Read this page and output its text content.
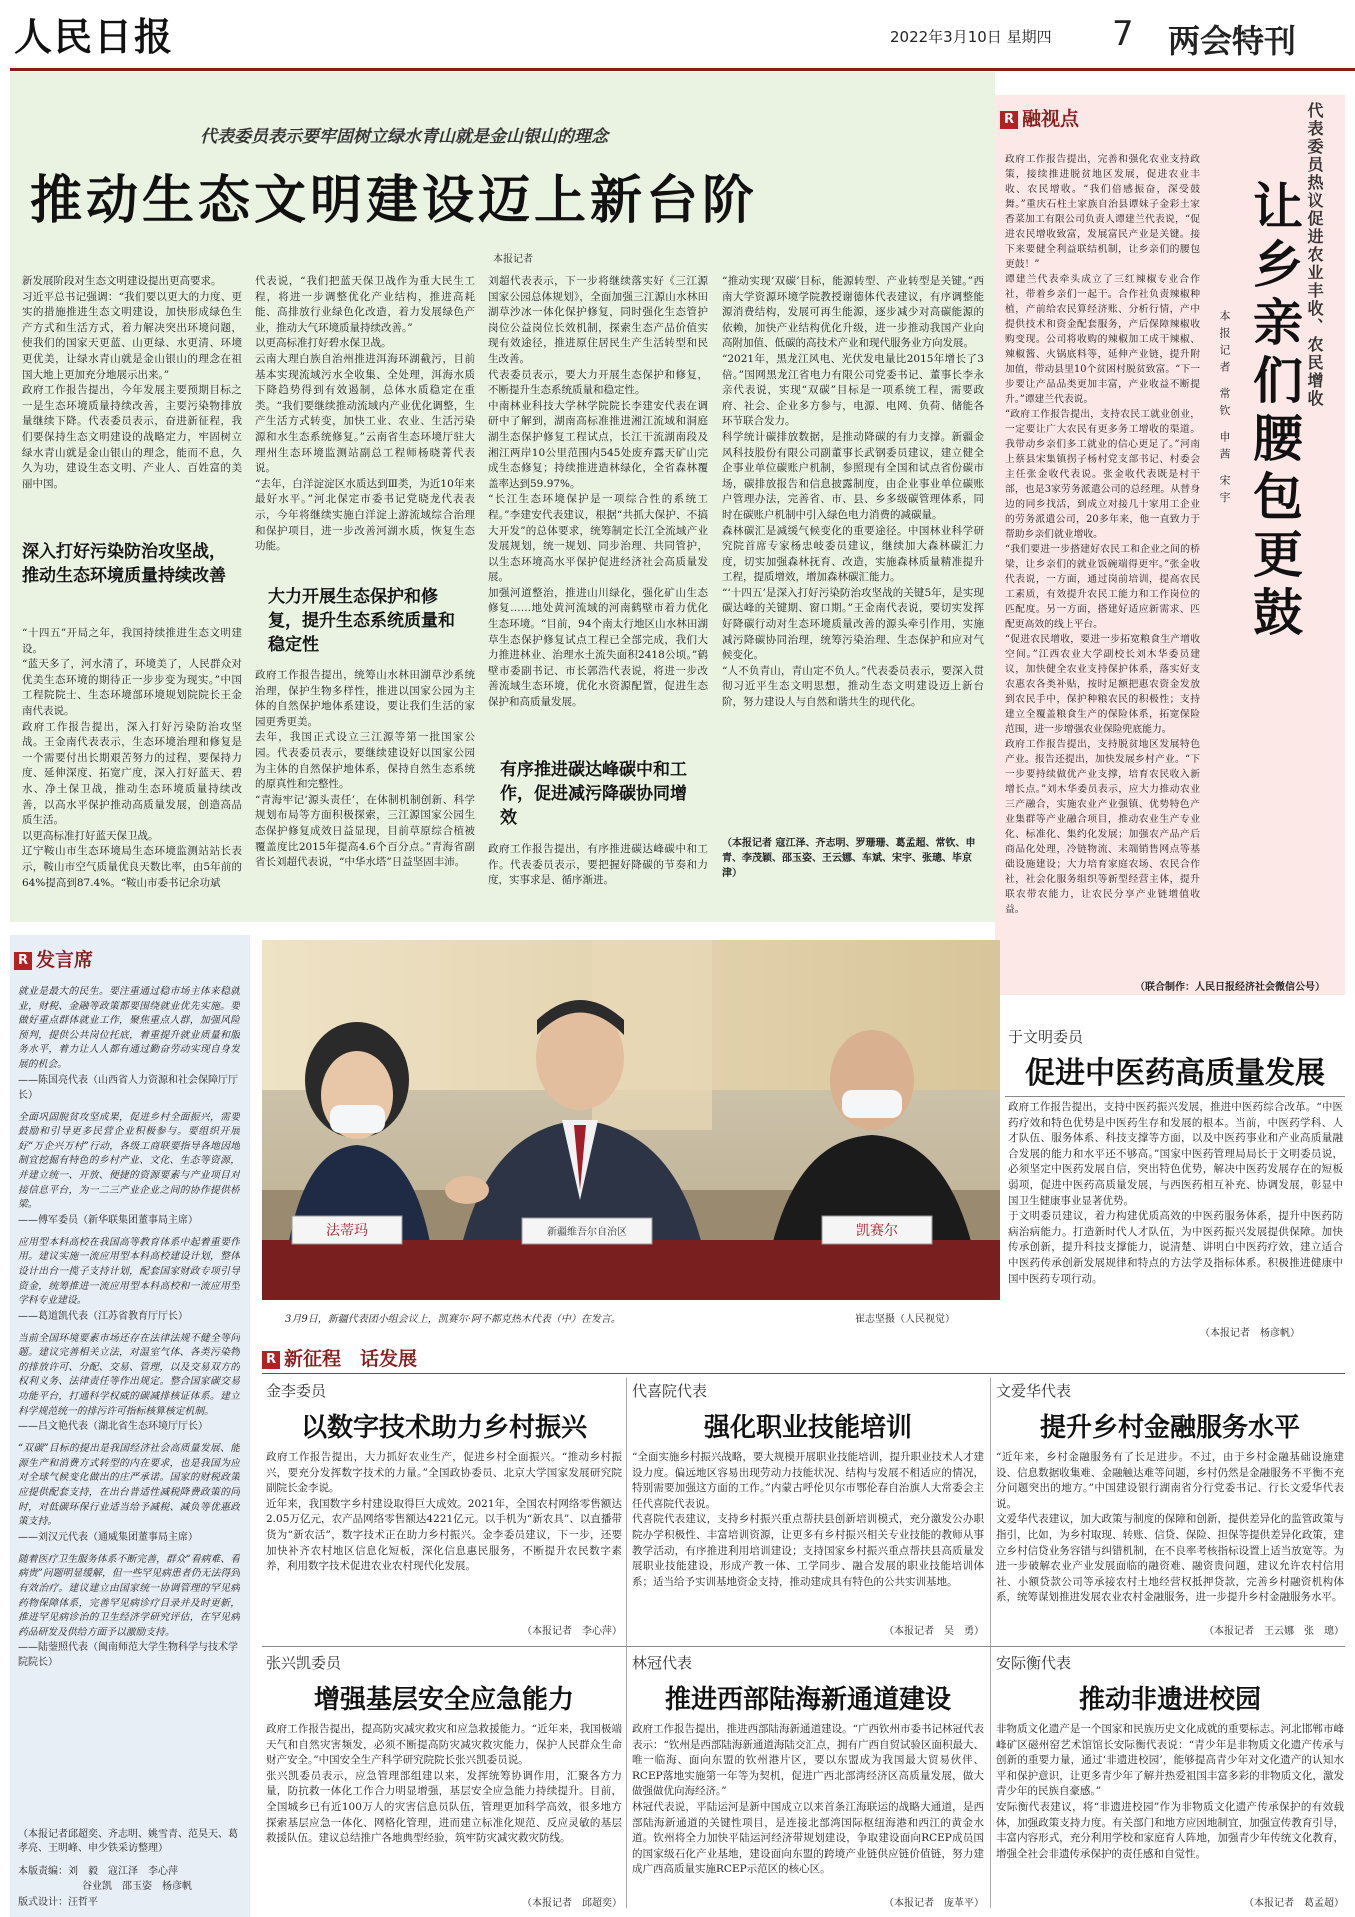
人民日报	2022年3月10日 星期四 7 两会特刊
代表委员表示要牢固树立绿水青山就是金山银山的理念
推动生态文明建设迈上新台阶
本报记者
新发展阶段对生态文明建设提出更高要求。
习近平总书记强调：“我们要以更大的力度、更实的措施推进生态文明建设，加快形成绿色生产方式和生活方式，着力解决突出环境问题，使我们的国家天更蓝、山更绿、水更清、环境更优美，让绿水青山就是金山银山的理念在祖国大地上更加充分地展示出来。”
政府工作报告提出，今年发展主要预期目标之一是生态环境质量持续改善，主要污染物排放量继续下降。代表委员表示，奋进新征程，我们要保持生态文明建设的战略定力，牢固树立绿水青山就是金山银山的理念，能而不息，久久为功，建设生态文明、产业人、百姓富的美丽中国。
深入打好污染防治攻坚战，推动生态环境质量持续改善
“十四五”开局之年，我国持续推进生态文明建设。
“蓝天多了，河水清了，环境美了，人民群众对优美生态环境的期待正一步步变为现实。”中国工程院院士、生态环境部环境规划院院长王金南代表说。
政府工作报告提出，深入打好污染防治攻坚战。王金南代表表示，生态环境治理和修复是一个需要付出长期艰苦努力的过程，要保持力度、延伸深度、拓宽广度，深入打好蓝天、碧水、净土保卫战，推动生态环境质量持续改善，以高水平保护推动高质量发展，创造高品质生活。
以更高标准打好蓝天保卫战。
辽宁鞍山市生态环境局生态环境监测站站长表示，鞍山市空气质量优良天数比率，由5年前的64%提高到87.4%。“鞍山市委书记余功斌
代表说，“我们把蓝天保卫战作为重大民生工程，将进一步调整优化产业结构，推进高耗能、高排放行业绿色化改造，着力发展绿色产业，推动大气环境质量持续改善。”
以更高标准打好碧水保卫战。
云南大理白族自治州推进洱海环湖截污，目前基本实现流域污水全收集、全处理，洱海水质下降趋势得到有效遏制，总体水质稳定在重类。“我们要继续推动流域内产业优化调整，生产生活方式转变，加快工业、农业、生活污染源和水生态系统修复。”云南省生态环境厅驻大理州生态环境监测站副总工程师杨晓菁代表说。
“去年，白洋淀淀区水质达到Ⅲ类，为近10年来最好水平。”河北保定市委书记党晓龙代表表示，今年将继续实施白洋淀上游流域综合治理和保护项目，进一步改善河湖水质，恢复生态功能。
大力开展生态保护和修复，提升生态系统质量和稳定性
政府工作报告提出，统筹山水林田湖草沙系统治理，保护生物多样性，推进以国家公园为主体的自然保护地体系建设，要让我们生活的家园更秀更美。
去年，我国正式设立三江源等第一批国家公园。代表委员表示，要继续建设好以国家公园为主体的自然保护地体系，保持自然生态系统的原真性和完整性。
“青海牢记‘源头责任’，在体制机制创新、科学规划布局等方面积极探索，三江源国家公园生态保护修复成效日益显现，目前草原综合植被覆盖度比2015年提高4.6个百分点。”青海省副省长刘超代表说，“中华水塔”日益坚固丰沛。
刘超代表表示，下一步将继续落实好《三江源国家公园总体规划》，全面加强三江源山水林田湖草沙冰一体化保护修复，同时强化生态管护岗位公益岗位长效机制，探索生态产品价值实现有效途径，推进原住居民生产生活转型和民生改善。
代表委员表示，要大力开展生态保护和修复，不断提升生态系统质量和稳定性。
中南林业科技大学林学院院长李建安代表在调研中了解到，湖南高标准推进湘江流域和洞庭湖生态保护修复工程试点，长江干流湖南段及湘江两岸10公里范围内545处废弃露天矿山完成生态修复；持续推进造林绿化，全省森林覆盖率达到59.97%。
“长江生态环境保护是一项综合性的系统工程。”李建安代表建议，根据“共抓大保护、不搞大开发”的总体要求，统筹制定长江全流域产业发展规划，统一规划、同步治理、共同管护，以生态环境高水平保护促进经济社会高质量发展。
加强河道整治，推进山川绿化，强化矿山生态修复……地处黄河流域的河南鹤壁市着力优化生态环境。“目前，94个南太行地区山水林田湖草生态保护修复试点工程已全部完成，我们大力推进林业、治理水土流失面积2418公顷。”鹤壁市委副书记、市长郭浩代表说，将进一步改善流域生态环境，优化水资源配置，促进生态保护和高质量发展。
有序推进碳达峰碳中和工作，促进减污降碳协同增效
政府工作报告提出，有序推进碳达峰碳中和工作。代表委员表示，要把握好降碳的节奏和力度，实事求是、循序渐进。
“推动实现‘双碳’目标，能源转型、产业转型是关键。”西南大学资源环境学院教授谢德体代表建议，有序调整能源消费结构，发展可再生能源，逐步减少对高碳能源的依赖，加快产业结构优化升级，进一步推动我国产业向高附加值、低碳的高技术产业和现代服务业方向发展。
“2021年，黑龙江风电、光伏发电量比2015年增长了3倍。”国网黑龙江省电力有限公司党委书记、董事长李永亲代表说，实现“双碳”目标是一项系统工程，需要政府、社会、企业多方参与，电源、电网、负荷、储能各环节联合发力。
科学统计碳排放数据，是推动降碳的有力支撑。新疆金风科技股份有限公司副董事长武钢委员建议，建立健全企事业单位碳账户机制，参照现有全国和试点省份碳市场，碳排放报告和信息披露制度，由企业事业单位碳账户管理办法，完善省、市、县、乡多级碳管理体系，同时在碳账户机制中引入绿色电力消费的减碳量。
森林碳汇是减缓气候变化的重要途径。中国林业科学研究院首席专家杨忠岐委员建议，继续加大森林碳汇力度，切实加强森林抚育、改造，实施森林质量精准提升工程，提质增效，增加森林碳汇能力。
“‘十四五’是深入打好污染防治攻坚战的关键5年，是实现碳达峰的关键期、窗口期。”王金南代表说，要切实发挥好降碳行动对生态环境质量改善的源头牵引作用，实施减污降碳协同治理，统筹污染治理、生态保护和应对气候变化。
“人不负青山，青山定不负人。”代表委员表示，要深入贯彻习近平生态文明思想，推动生态文明建设迈上新台阶，努力建设人与自然和谐共生的现代化。
（本报记者 寇江泽、齐志明、罗珊珊、葛孟超、常钦、申青、李茂颖、邵玉姿、王云娜、车斌、宋宇、张璁、毕京津）
R 融视点	代表委员热议促进农业丰收、农民增收
让乡亲们腰包更鼓
本报记者 常钦 申茜 宋宇
政府工作报告提出，完善和强化农业支持政策，接续推进脱贫地区发展，促进农业丰收、农民增收。“我们倍感振奋，深受鼓舞。”重庆石柱土家族自治县谭妹子金彩土家香菜加工有限公司负责人谭建兰代表说，“促进农民增收致富，发展富民产业是关键。接下来要健全利益联结机制，让乡亲们的腰包更鼓！”
谭建兰代表牵头成立了三红辣椒专业合作社，带着乡亲们一起干。合作社负责辣椒种植，产前给农民算经济账、分析行情，产中提供技术和资金配套服务，产后保障辣椒收购变现。公司将收购的辣椒加工成干辣椒、辣椒酱、火锅底料等，延伸产业链，提升附加值，带动县里10个贫困村脱贫致富。“下一步要让产品品类更加丰富，产业收益不断提升。”谭建兰代表说。
“政府工作报告提出，支持农民工就业创业，一定要让广大农民有更多务工增收的渠道。我带动乡亲们多工就业的信心更足了。”河南上蔡县宋集镇拐子杨村党支部书记、村委会主任张金收代表说。张金收代表既是村干部，也是3家劳务派遣公司的总经理。从替身边的同乡找活，到成立对接几十家用工企业的劳务派遣公司，20多年来，他一直致力于帮助乡亲们就业增收。
“我们要进一步搭建好农民工和企业之间的桥梁，让乡亲们的就业饭碗端得更牢。”张金收代表说，一方面，通过岗前培训，提高农民工素质，有效提升农民工能力和工作岗位的匹配度。另一方面，搭建好适应新需求、匹配更高效的线上平台。
“促进农民增收，要进一步拓宽粮食生产增收空间。”江西农业大学副校长刘木华委员建议，加快健全农业支持保护体系，落实好支农惠农各类补贴，按时足额把惠农资金发放到农民手中，保护种粮农民的积极性；支持建立全覆盖粮食生产的保险体系，拓宽保险范围，进一步增强农业保险兜底能力。
政府工作报告提出，支持脱贫地区发展特色产业。报告还提出，加快发展乡村产业。“下一步要持续做优产业支撑，培育农民收入新增长点。”刘木华委员表示，应大力推动农业三产融合，实施农业产业强镇、优势特色产业集群等产业融合项目，推动农业生产专业化、标准化、集约化发展；加强农产品产后商品化处理，冷链物流、末端销售网点等基础设施建设；大力培育家庭农场、农民合作社，社会化服务组织等新型经营主体，提升联农带农能力，让农民分享产业链增值收益。
（联合制作：人民日报经济社会微信公号）
R 发言席
就业是最大的民生。要注重通过稳市场主体来稳就业，财税、金融等政策都要围绕就业优先实施。要做好重点群体就业工作，聚焦重点人群，加强风险预判，提供公共岗位托底，着重提升就业质量和服务水平，着力让人人都有通过勤奋劳动实现自身发展的机会。
——陈国亮代表（山西省人力资源和社会保障厅厅长）
全面巩固脱贫攻坚成果，促进乡村全面振兴，需要鼓励和引导更多民营企业积极参与。要组织开展好“万企兴万村”行动，各级工商联要指导各地因地制宜挖掘有特色的乡村产业、文化、生态等资源，并建立统一、开放、便捷的资源要素与产业项目对接信息平台，为一二三产业企业之间的协作提供桥梁。
——傅军委员（新华联集团董事局主席）
应用型本科高校在我国高等教育体系中起着重要作用。建议实施一流应用型本科高校建设计划，整体设计出台一揽子支持计划，配套国家财政专项引导资金，统筹推进一流应用型本科高校和一流应用型学科专业建设。
——葛道凯代表（江苏省教育厅厅长）
当前全国环境要素市场还存在法律法规不健全等问题。建议完善相关立法，对温室气体、各类污染物的排放许可、分配、交易、管理，以及交易双方的权利义务、法律责任等作出规定。整合国家碳交易功能平台，打通科学权威的碳减排核证体系。建立科学规范统一的排污许可指标核算核定机制。
——吕文艳代表（湖北省生态环境厅厅长）
“双碳”目标的提出是我国经济社会高质量发展、能源生产和消费方式转型的内在要求，也是我国为应对全球气候变化做出的庄严承诺。国家的财税政策应提供配套支持，在出台普适性减税降费政策的同时，对低碳环保行业适当给予减税、减负等优惠政策支持。
——刘汉元代表（通威集团董事局主席）
随着医疗卫生服务体系不断完善，群众“看病难、看病贵”问题明显缓解，但一些罕见病患者仍无法得到有效治疗。建议建立由国家统一协调管理的罕见病药物保障体系，完善罕见病诊疗目录并及时更新，推进罕见病诊治的卫生经济学研究评估，在罕见病药品研发及供给方面予以激励支持。
——陆蓥照代表（闽南师范大学生物科学与技术学院院长）
（本报记者邱超奕、齐志明、姚雪青、范昊天、葛孝亮、王明峰、申少铁采访整理）
本版责编：刘　毅　寇江泽　李心萍
谷业凯　邵玉姿　杨彦帆
版式设计：汪哲平
法蒂玛	新疆维吾尔自治区	凯赛尔
3月9日，新疆代表团小组会议上，凯赛尔·阿不都克热木代表（中）在发言。	崔志坚摄（人民视觉）
于文明委员
促进中医药高质量发展
政府工作报告提出，支持中医药振兴发展，推进中医药综合改革。“中医药疗效和特色优势是中医药生存和发展的根本。当前，中医药学科、人才队伍、服务体系、科技支撑等方面，以及中医药事业和产业高质量融合发展的能力和水平还不够高。”国家中医药管理局局长于文明委员说，必须坚定中医药发展自信，突出特色优势，解决中医药发展存在的短板弱项，促进中医药高质量发展，与西医药相互补充、协调发展，彰显中国卫生健康事业显著优势。
于文明委员建议，着力构建优质高效的中医药服务体系，提升中医药防病治病能力。打造新时代人才队伍，为中医药振兴发展提供保障。加快传承创新，提升科技支撑能力，说清楚、讲明白中医药疗效，建立适合中医药传承创新发展规律和特点的方法学及指标体系。积极推进健康中国中医药专项行动。
（本报记者　杨彦帆）
R 新征程　话发展
金李委员
以数字技术助力乡村振兴
政府工作报告提出，大力抓好农业生产，促进乡村全面振兴。“推动乡村振兴，要充分发挥数字技术的力量。”全国政协委员、北京大学国家发展研究院副院长金李说。
近年来，我国数字乡村建设取得巨大成效。2021年，全国农村网络零售额达2.05万亿元，农产品网络零售额达4221亿元。以手机为“新农具”、以直播带货为“新农活”，数字技术正在助力乡村振兴。金李委员建议，下一步，还要加快补齐农村地区信息化短板，深化信息惠民服务，不断提升农民数字素养，利用数字技术促进农业农村现代化发展。
（本报记者　李心萍）
代喜院代表
强化职业技能培训
“全面实施乡村振兴战略，要大规模开展职业技能培训，提升职业技术人才建设力度。偏远地区容易出现劳动力技能状况、结构与发展不相适应的情况，特别需要加强这方面的工作。”内蒙古呼伦贝尔市鄂伦春自治旗人大常委会主任代喜院代表说。
代喜院代表建议，支持乡村振兴重点帮扶县创新培训模式，充分激发公办职院办学积极性、丰富培训资源，让更多有乡村振兴相关专业技能的教师从事教学活动，有序推进利用培训建设；支持国家乡村振兴重点帮扶县高质量发展职业技能建设，形成产教一体、工学同步、融合发展的职业技能培训体系；适当给予实训基地资金支持，推动建成具有特色的公共实训基地。
（本报记者　吴　勇）
文爱华代表
提升乡村金融服务水平
“近年来，乡村金融服务有了长足进步。不过，由于乡村金融基础设施建设、信息数据收集难、金融触达难等问题，乡村仍然是金融服务不平衡不充分问题突出的地方。”中国建设银行湖南省分行党委书记、行长文爱华代表说。
文爱华代表建议，加大政策与制度的保障和创新，提供差异化的监管政策与指引，比如，为乡村取现、转账、信贷、保险、担保等提供差异化政策，建立乡村信贷业务容错与纠错机制，在不良率考核指标设置上适当放宽等。为进一步破解农业产业发展面临的融资难、融资贵问题，建议允许农村信用社、小额贷款公司等承接农村土地经营权抵押贷款，完善乡村融资机构体系，统筹谋划推进发展农业农村金融服务，进一步提升乡村金融服务水平。
（本报记者　王云娜　张　璁）
张兴凯委员
增强基层安全应急能力
政府工作报告提出，提高防灾减灾救灾和应急救援能力。“近年来，我国极端天气和自然灾害频发，必须不断提高防灾减灾救灾能力，保护人民群众生命财产安全。”中国安全生产科学研究院院长张兴凯委员说。
张兴凯委员表示，应急管理部组建以来，发挥统筹协调作用，汇聚各方力量，防抗救一体化工作合力明显增强，基层安全应急能力持续提升。目前，全国城乡已有近100万人的灾害信息员队伍，管理更加科学高效，很多地方探索基层应急一体化、网格化管理，进而建立标准化规范、反应灵敏的基层救援队伍。建议总结推广各地典型经验，筑牢防灾减灾救灾防线。
（本报记者　邱超奕）
林冠代表
推进西部陆海新通道建设
政府工作报告提出，推进西部陆海新通道建设。“广西钦州市委书记林冠代表表示：“钦州是西部陆海新通道海陆交汇点，拥有广西自贸试验区面积最大、唯一临海、面向东盟的钦州港片区，要以东盟成为我国最大贸易伙伴、RCEP落地实施第一年等为契机，促进广西北部湾经济区高质量发展，做大做强做优向海经济。”
林冠代表说，平陆运河是新中国成立以来首条江海联运的战略大通道，是西部陆海新通道的关键性项目，是连接北部湾国际枢纽海港和西江的黄金水道。钦州将全力加快平陆运河经济带规划建设，争取建设面向RCEP成员国的国家级石化产业基地，建设面向东盟的跨境产业链供应链价值链，努力建成广西高质量实施RCEP示范区的核心区。
（本报记者　庞革平）
安际衡代表
推动非遗进校园
非物质文化遗产是一个国家和民族历史文化成就的重要标志。河北邯郸市峰峰矿区磁州窑艺术馆馆长安际衡代表说：“青少年是非物质文化遗产传承与创新的重要力量，通过‘非遗进校园’，能够提高青少年对文化遗产的认知水平和保护意识，让更多青少年了解并热爱祖国丰富多彩的非物质文化，激发青少年的民族自豪感。”
安际衡代表建议，将“非遗进校园”作为非物质文化遗产传承保护的有效载体，加强政策支持力度。有关部门和地方应因地制宜，加强宣传教育引导，丰富内容形式，充分利用学校和家庭育人阵地，加强青少年传统文化教育，增强全社会非遗传承保护的责任感和自觉性。
（本报记者　葛孟超）
